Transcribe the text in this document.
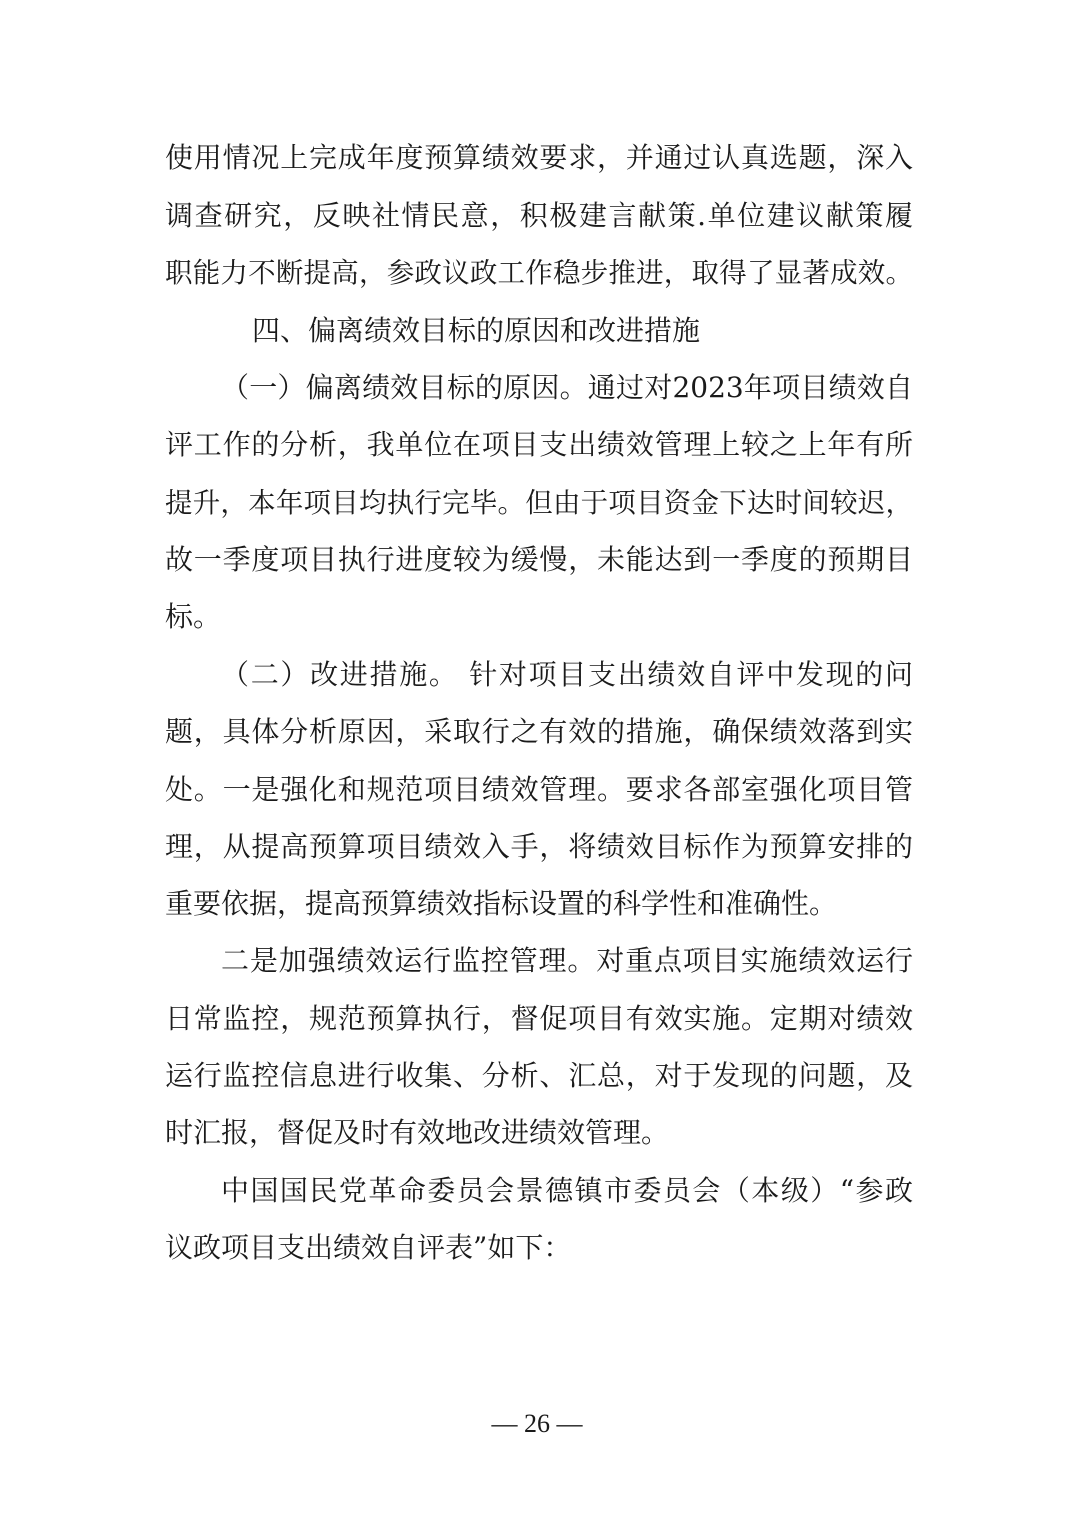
使用情况上完成年度预算绩效要求，并通过认真选题，深入
调查研究，反映社情民意，积极建言献策.单位建议献策履
职能力不断提高，参政议政工作稳步推进，取得了显著成效。
四、偏离绩效目标的原因和改进措施
（一）偏离绩效目标的原因。通过对2023年项目绩效自
评工作的分析，我单位在项目支出绩效管理上较之上年有所
提升，本年项目均执行完毕。但由于项目资金下达时间较迟，
故一季度项目执行进度较为缓慢，未能达到一季度的预期目
标。
（二）改进措施。 针对项目支出绩效自评中发现的问
题，具体分析原因，采取行之有效的措施，确保绩效落到实
处。一是强化和规范项目绩效管理。要求各部室强化项目管
理，从提高预算项目绩效入手，将绩效目标作为预算安排的
重要依据，提高预算绩效指标设置的科学性和准确性。
二是加强绩效运行监控管理。对重点项目实施绩效运行
日常监控，规范预算执行，督促项目有效实施。定期对绩效
运行监控信息进行收集、分析、汇总，对于发现的问题，及
时汇报，督促及时有效地改进绩效管理。
中国国民党革命委员会景德镇市委员会（本级）“参政
议政项目支出绩效自评表”如下：
— 26 —
